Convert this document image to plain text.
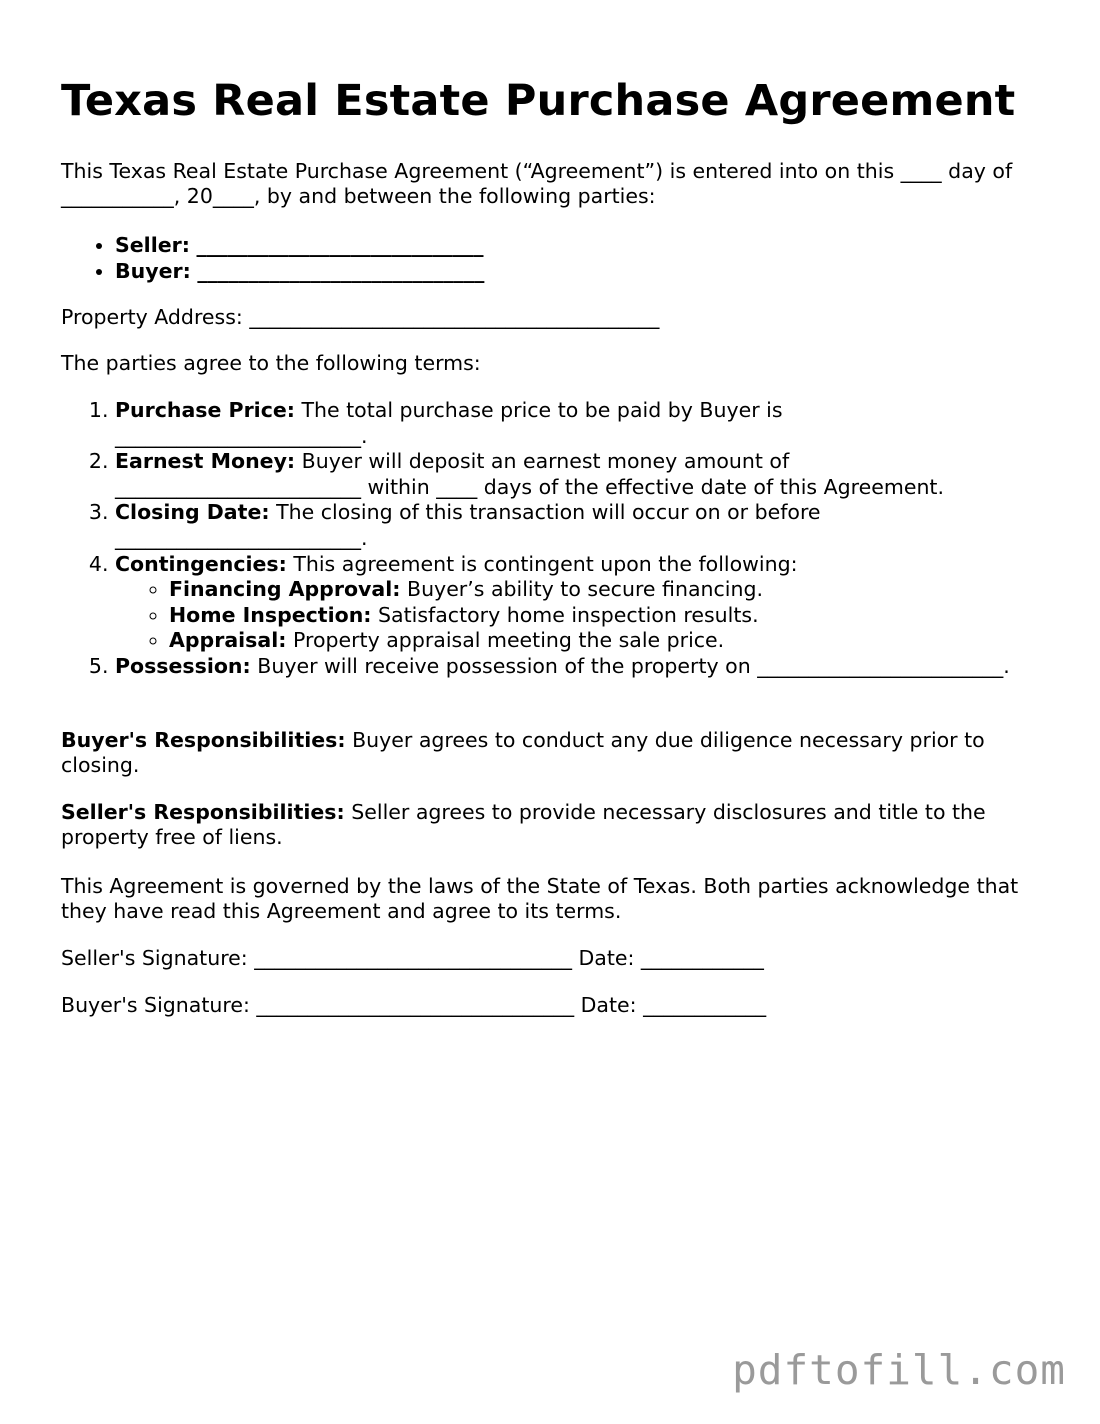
Texas Real Estate Purchase Agreement
This Texas Real Estate Purchase Agreement (“Agreement”) is entered into on this ____ day of ___________, 20____, by and between the following parties:
• Seller: ____________________________
• Buyer: ____________________________
Property Address: ________________________________________
The parties agree to the following terms:
1. Purchase Price: The total purchase price to be paid by Buyer is ________________________.
2. Earnest Money: Buyer will deposit an earnest money amount of ________________________ within ____ days of the effective date of this Agreement.
3. Closing Date: The closing of this transaction will occur on or before ________________________.
4. Contingencies: This agreement is contingent upon the following:
◦ Financing Approval: Buyer’s ability to secure financing.
◦ Home Inspection: Satisfactory home inspection results.
◦ Appraisal: Property appraisal meeting the sale price.
5. Possession: Buyer will receive possession of the property on ________________________.
Buyer's Responsibilities: Buyer agrees to conduct any due diligence necessary prior to closing.
Seller's Responsibilities: Seller agrees to provide necessary disclosures and title to the property free of liens.
This Agreement is governed by the laws of the State of Texas. Both parties acknowledge that they have read this Agreement and agree to its terms.
Seller's Signature: _______________________________ Date: ____________
Buyer's Signature: _______________________________ Date: ____________
pdftofill.com
